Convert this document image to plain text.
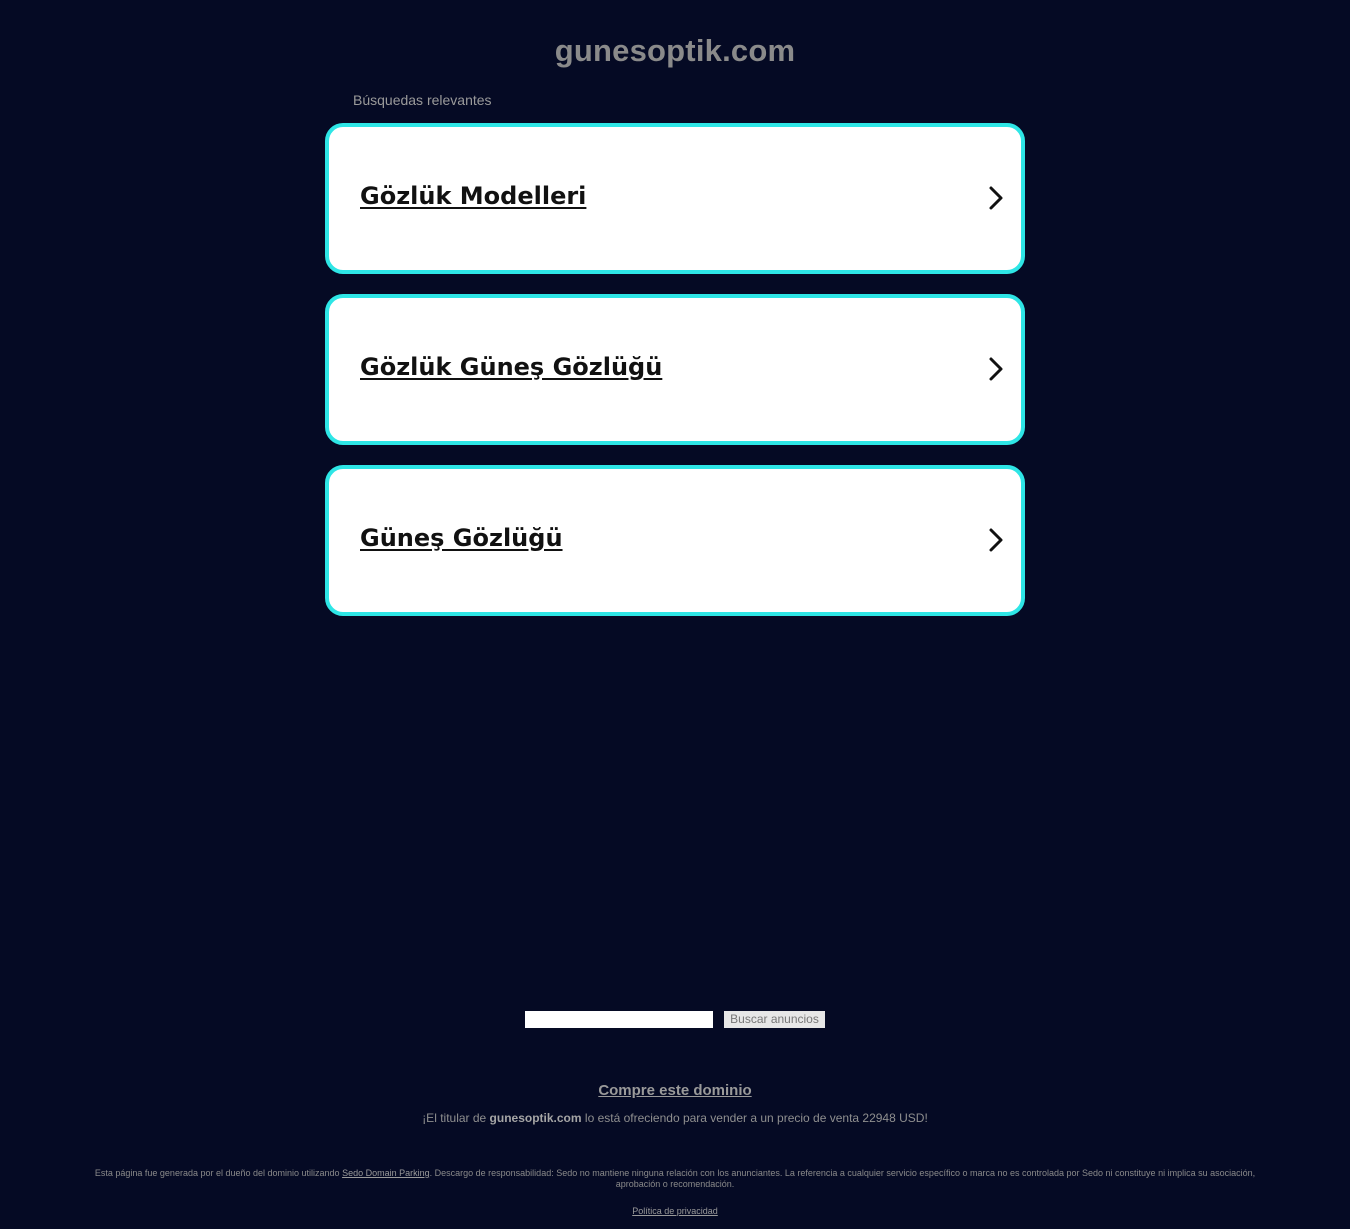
gunesoptik.com
Búsquedas relevantes
Gözlük Modelleri
Gözlük Güneş Gözlüğü
Güneş Gözlüğü
Buscar anuncios
Compre este dominio
¡El titular de gunesoptik.com lo está ofreciendo para vender a un precio de venta 22948 USD!
Esta página fue generada por el dueño del dominio utilizando Sedo Domain Parking. Descargo de responsabilidad: Sedo no mantiene ninguna relación con los anunciantes. La referencia a cualquier servicio específico o marca no es controlada por Sedo ni constituye ni implica su asociación, aprobación o recomendación.
Política de privacidad
